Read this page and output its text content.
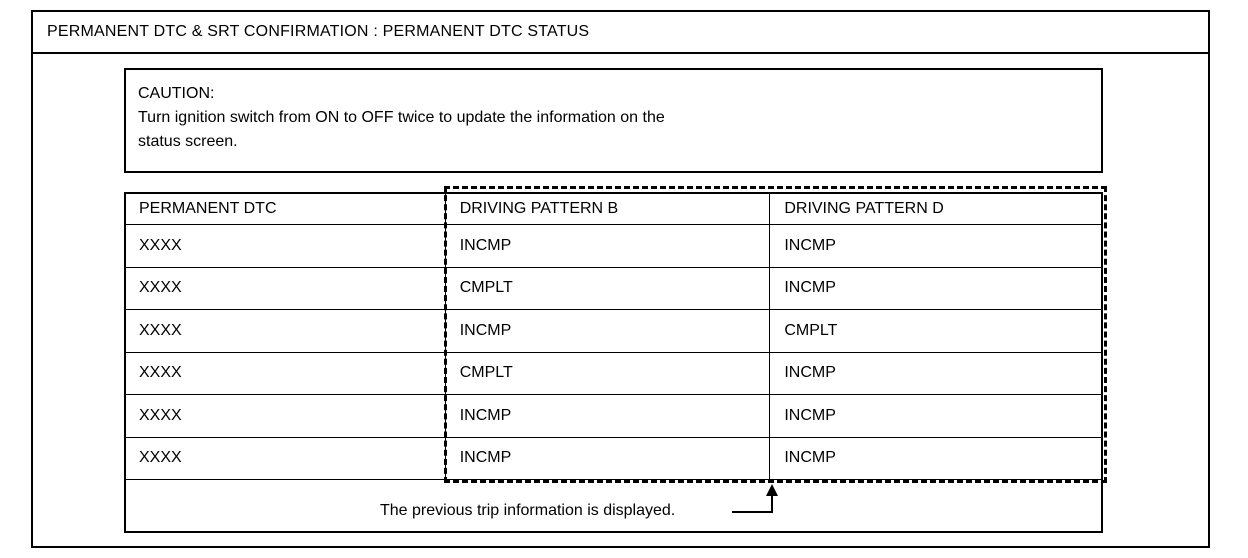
PERMANENT DTC & SRT CONFIRMATION : PERMANENT DTC STATUS
CAUTION:
Turn ignition switch from ON to OFF twice to update the information on the
status screen.
PERMANENT DTC	DRIVING PATTERN B	DRIVING PATTERN D
XXXX	INCMP	INCMP
XXXX	CMPLT	INCMP
XXXX	INCMP	CMPLT
XXXX	CMPLT	INCMP
XXXX	INCMP	INCMP
XXXX	INCMP	INCMP
The previous trip information is displayed.
